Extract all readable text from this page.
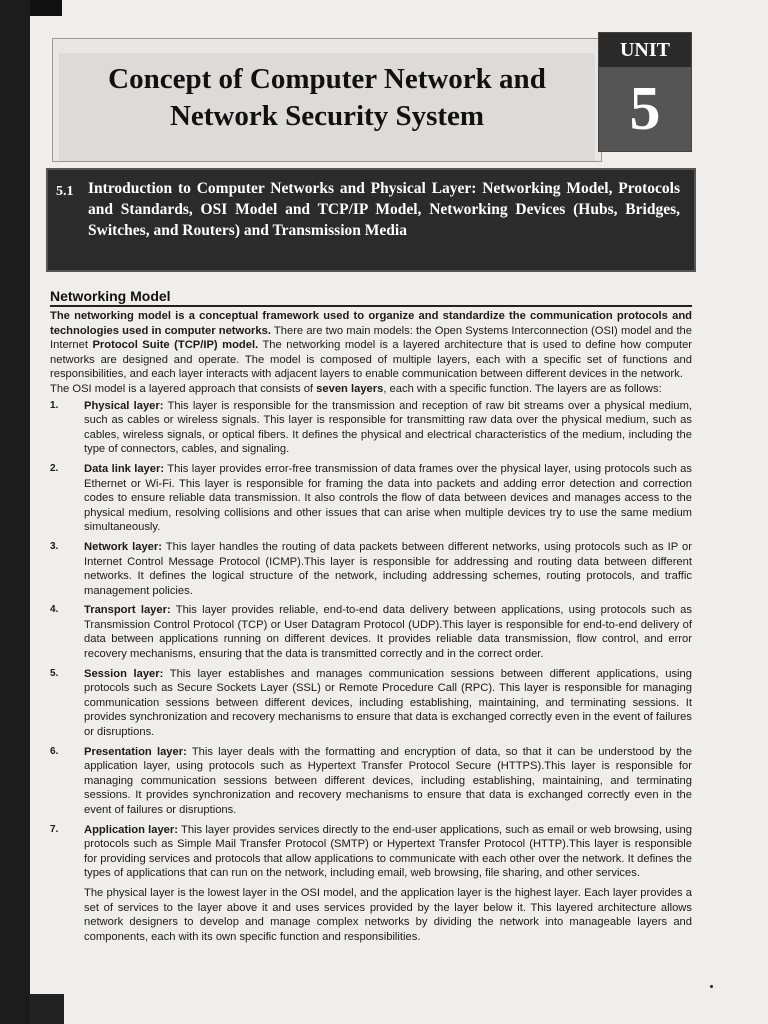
Concept of Computer Network and
Network Security System
UNIT
5
5.1 Introduction to Computer Networks and Physical Layer: Networking Model, Protocols and Standards, OSI Model and TCP/IP Model, Networking Devices (Hubs, Bridges, Switches, and Routers) and Transmission Media
Networking Model

The networking model is a conceptual framework used to organize and standardize the communication protocols and technologies used in computer networks. There are two main models: the Open Systems Interconnection (OSI) model and the Internet Protocol Suite (TCP/IP) model. The networking model is a layered architecture that is used to define how computer networks are designed and operate. The model is composed of multiple layers, each with a specific set of functions and responsibilities, and each layer interacts with adjacent layers to enable communication between different devices in the network.

The OSI model is a layered approach that consists of seven layers, each with a specific function. The layers are as follows:

1. Physical layer: This layer is responsible for the transmission and reception of raw bit streams over a physical medium, such as cables or wireless signals. This layer is responsible for transmitting raw data over the physical medium, such as cables, wireless signals, or optical fibers. It defines the physical and electrical characteristics of the medium, including the type of connectors, cables, and signaling.
2. Data link layer: This layer provides error-free transmission of data frames over the physical layer, using protocols such as Ethernet or Wi-Fi. This layer is responsible for framing the data into packets and adding error detection and correction codes to ensure reliable data transmission. It also controls the flow of data between devices and manages access to the physical medium, resolving collisions and other issues that can arise when multiple devices try to use the same medium simultaneously.
3. Network layer: This layer handles the routing of data packets between different networks, using protocols such as IP or Internet Control Message Protocol (ICMP).This layer is responsible for addressing and routing data between different networks. It defines the logical structure of the network, including addressing schemes, routing protocols, and traffic management policies.
4. Transport layer: This layer provides reliable, end-to-end data delivery between applications, using protocols such as Transmission Control Protocol (TCP) or User Datagram Protocol (UDP).This layer is responsible for end-to-end delivery of data between applications running on different devices. It provides reliable data transmission, flow control, and error recovery mechanisms, ensuring that the data is transmitted correctly and in the correct order.
5. Session layer: This layer establishes and manages communication sessions between different applications, using protocols such as Secure Sockets Layer (SSL) or Remote Procedure Call (RPC). This layer is responsible for managing communication sessions between different devices, including establishing, maintaining, and terminating sessions. It provides synchronization and recovery mechanisms to ensure that data is exchanged correctly even in the event of failures or disruptions.
6. Presentation layer: This layer deals with the formatting and encryption of data, so that it can be understood by the application layer, using protocols such as Hypertext Transfer Protocol Secure (HTTPS).This layer is responsible for managing communication sessions between different devices, including establishing, maintaining, and terminating sessions. It provides synchronization and recovery mechanisms to ensure that data is exchanged correctly even in the event of failures or disruptions.
7. Application layer: This layer provides services directly to the end-user applications, such as email or web browsing, using protocols such as Simple Mail Transfer Protocol (SMTP) or Hypertext Transfer Protocol (HTTP).This layer is responsible for providing services and protocols that allow applications to communicate with each other over the network. It defines the types of applications that can run on the network, including email, web browsing, file sharing, and other services.

The physical layer is the lowest layer in the OSI model, and the application layer is the highest layer. Each layer provides a set of services to the layer above it and uses services provided by the layer below it. This layered architecture allows network designers to develop and manage complex networks by dividing the network into manageable layers and components, each with its own specific function and responsibilities.
